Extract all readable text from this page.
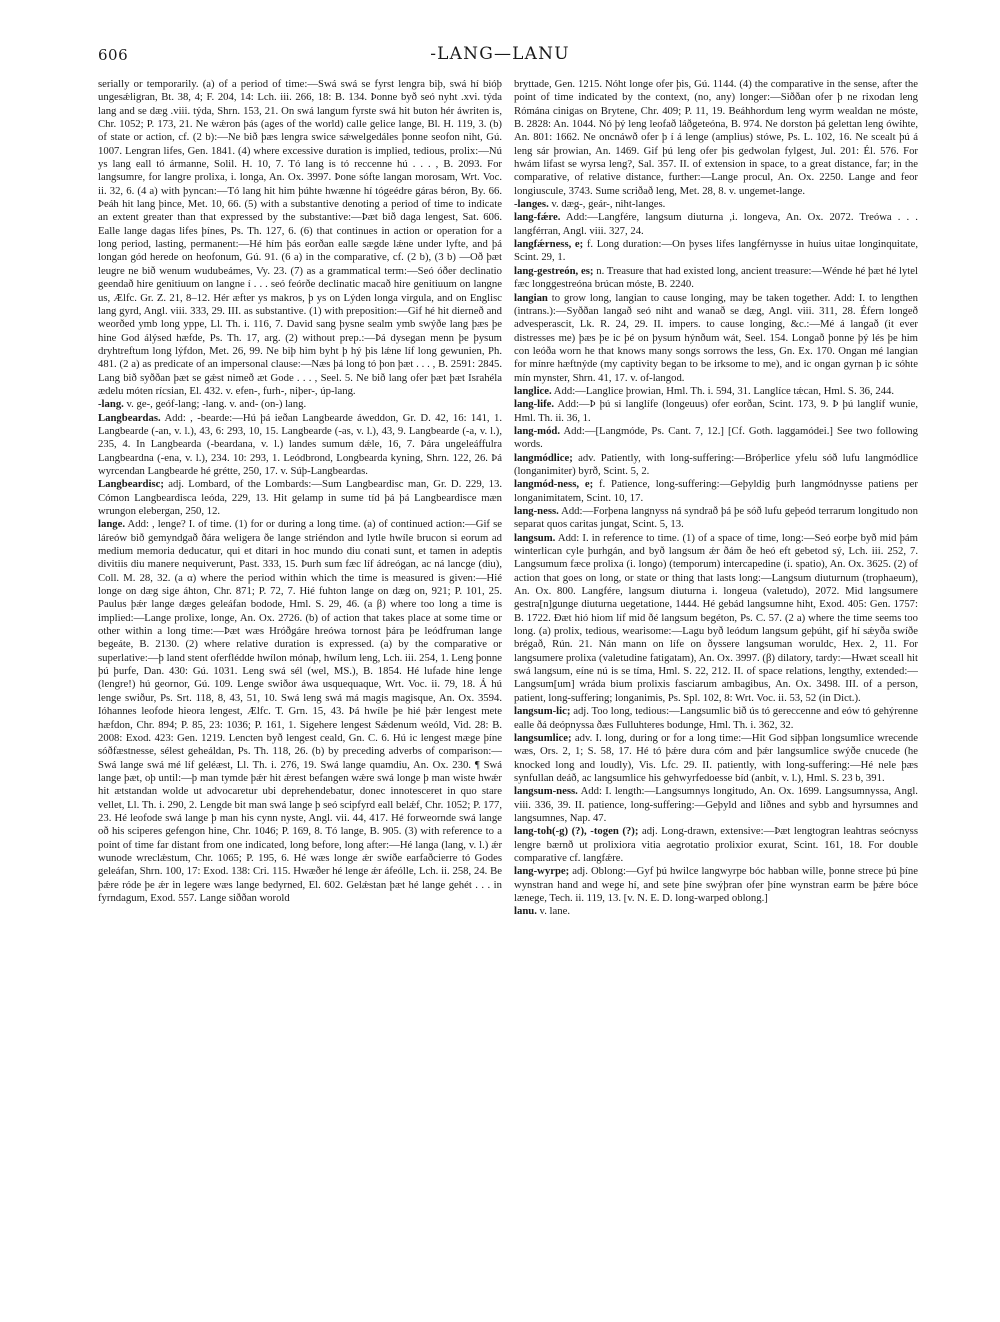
606	-LANG—LANU

serially or temporarily. (a) of a period of time:—Swá swá se fyrst lengra biþ, swá hí bióþ ungesǽligran, Bt. 38, 4; F. 204, 14: Lch. iii. 266, 18: B. 134. Þonne byð seó nyht .xvi. týda lang and se dæg .viii. týda, Shrn. 153, 21. On swá langum fyrste swá hit buton hér áwriten is, Chr. 1052; P. 173, 21. Ne wǽron þás (ages of the world) calle gelice lange, Bl. H. 119, 3. (b) of state or action, cf. (2 b):—Ne bið þæs lengra swice sǽwelgedáles þonne seofon niht, Gú. 1007. Lengran lifes, Gen. 1841. (4) where excessive duration is implied, tedious, prolix:—Nú ys lang eall tó ármanne, Solil. H. 10, 7. Tó lang is tó reccenne hú . . . , B. 2093. For langsumre, for langre prolixa, i. longa, An. Ox. 3997. Þone sófte langan morosam, Wrt. Voc. ii. 32, 6. (4 a) with þyncan:—Tó lang hit him þúhte hwænne hí tógeédre gáras béron, By. 66. Þeáh hit lang þince, Met. 10, 66. (5) with a substantive denoting a period of time to indicate an extent greater than that expressed by the substantive:—Þæt bið daga lengest, Sat. 606. Ealle lange dagas lifes þínes, Ps. Th. 127, 6. (6) that continues in action or operation for a long period, lasting, permanent:—Hé hím þás eorðan ealle sægde lǽne under lyfte, and þá longan gód herede on heofonum, Gú. 91. (6 a) in the comparative, cf. (2 b), (3 b) —Oð þæt leugre ne bið wenum wudubeámes, Vy. 23. (7) as a grammatical term:—Seó óðer declinatio geendað hire genitiuum on langne í . . . seó feórðe declinatic macað hire genitiuum on langne us, Ælfc. Gr. Z. 21, 8–12. Hér æfter ys makros, þ ys on Lýden longa virgula, and on Englisc lang gyrd, Angl. viii. 333, 29. III. as substantive. (1) with preposition:—Gif hé hit dierneð and weorðed ymb long yppe, Ll. Th. i. 116, 7. David sang þysne sealm ymb swýðe lang þæs þe hine God álýsed hæfde, Ps. Th. 17, arg. (2) without prep.:—Þá dysegan menn þe þysum dryhtreftum long lýfdon, Met. 26, 99. Ne biþ him byht þ hý þis lǽne líf long gewunien, Ph. 481. (2 a) as predicate of an impersonal clause:—Næs þá long tó þon þæt . . . , B. 2591: 2845. Lang bið syððan þæt se gǽst nimeð æt Gode . . . , Seel. 5. Ne bið lang ofer þæt þæt Israhéla ædelu móten rícsian, El. 432. v. efen-, furh-, niþer-, úp-lang.

-lang. v. ge-, geóf-lang; -lang. v. and- (on-) lang.

Langbeardas. Add: , -bearde:—Hú þá ieðan Langbearde áweddon, Gr. D. 42, 16: 141, 1. Langbearde (-an, v. l.), 43, 6: 293, 10, 15. Langbearde (-as, v. l.), 43, 9. Langbearde (-a, v. l.), 235, 4. In Langbearda (-beardana, v. l.) landes sumum dǽle, 16, 7. Þára ungeleáffulra Langbeardna (-ena, v. l.), 234. 10: 293, 1. Leódbrond, Longbearda kyning, Shrn. 122, 26. Þá wyrcendan Langbearde hé grétte, 250, 17. v. Súþ-Langbeardas.

Langbeardisc; adj. Lombard, of the Lombards:—Sum Langbeardisc man, Gr. D. 229, 13. Cómon Langbeardisca leóda, 229, 13. Hit gelamp in sume tíd þá þá Langbeardisce mæn wrungon elebergan, 250, 12.

lange. Add: , lenge? I. of time. (1) for or during a long time. (a) of continued action:—Gif se láreów bið gemyndgað ðára weligera ðe lange striéndon and lytle hwíle brucon si eorum ad medium memoria deducatur, qui et ditari in hoc mundo diu conati sunt, et tamen in adeptis divitiis diu manere nequiverunt, Past. 333, 15. Þurh sum fæc líf ádreógan, ac ná lancge (diu), Coll. M. 28, 32. (a α) where the period within which the time is measured is given:—Hié longe on dæg sige áhton, Chr. 871; P. 72, 7. Hié fuhton lange on dæg on, 921; P. 101, 25. Paulus þǽr lange dæges geleáfan bodode, Hml. S. 29, 46. (a β) where too long a time is implied:—Lange prolixe, longe, An. Ox. 2726. (b) of action that takes place at some time or other within a long time:—Þæt wæs Hróðgáre hreówa tornost þára þe leódfruman lange begeáte, B. 2130. (2) where relative duration is expressed. (a) by the comparative or superlative:—þ land stent oferflédde hwílon mónaþ, hwílum leng, Lch. iii. 254, 1. Leng þonne þú þurfe, Dan. 430: Gú. 1031. Leng swá sél (wel, MS.), B. 1854. Hé lufade hine lenge (lengre!) hú geornor, Gú. 109. Lenge swiðor áwa usquequaque, Wrt. Voc. ii. 79, 18. Á hú lenge swiður, Ps. Srt. 118, 8, 43, 51, 10. Swá leng swá má magis magisque, An. Ox. 3594. Ióhannes leofode hieora lengest, Ælfc. T. Grn. 15, 43. Þá hwíle þe hié þǽr lengest mete hæfdon, Chr. 894; P. 85, 23: 1036; P. 161, 1. Sigehere lengest Sǽdenum weóld, Vid. 28: B. 2008: Exod. 423: Gen. 1219. Lencten byð lengest ceald, Gn. C. 6. Hú ic lengest mæge þíne sóðfæstnesse, sélest geheáldan, Ps. Th. 118, 26. (b) by preceding adverbs of comparison:—Swá lange swá mé líf geléæst, Ll. Th. i. 276, 19. Swá lange quamdiu, An. Ox. 230. ¶ Swá lange þæt, oþ until:—þ man tymde þǽr hit ǽrest befangen wǽre swá longe þ man wiste hwǽr hit ætstandan wolde ut advocaretur ubi deprehendebatur, donec innotesceret in quo stare vellet, Ll. Th. i. 290, 2. Lengde bit man swá lange þ seó scipfyrd eall belǽf, Chr. 1052; P. 177, 23. Hé leofode swá lange þ man his cynn nyste, Angl. vii. 44, 417. Hé forweornde swá lange oð his sciperes gefengon hine, Chr. 1046; P. 169, 8. Tó lange, B. 905. (3) with reference to a point of time far distant from one indicated, long before, long after:—Hé langa (lang, v. l.) ǽr wunode wreclǽstum, Chr. 1065; P. 195, 6. Hé wæs longe ǽr swíðe earfaðcierre tó Godes geleáfan, Shrn. 100, 17: Exod. 138: Cri. 115. Hwæðer hé lenge ǽr áfeólle, Lch. ii. 258, 24. Be þǽre róde þe ǽr in legere wæs lange bedyrned, El. 602. Gelǽstan þæt hé lange gehét . . . in fyrndagum, Exod. 557. Lange siððan worold

bryttade, Gen. 1215. Nóht longe ofer þis, Gú. 1144. (4) the comparative in the sense, after the point of time indicated by the context, (no, any) longer:—Siððan ofer þ ne rixodan leng Rómána cinigas on Brytene, Chr. 409; P. 11, 19. Beáhhordum leng wyrm wealdan ne móste, B. 2828: An. 1044. Nó þý leng leofað láðgeteóna, B. 974. Ne dorston þá gelettan leng ówihte, An. 801: 1662. Ne oncnáwð ofer þ í á lenge (amplius) stówe, Ps. L. 102, 16. Ne scealt þú á leng sár þrowian, An. 1469. Gif þú leng ofer þis gedwolan fylgest, Jul. 201: Él. 576. For hwám lifast se wyrsa leng?, Sal. 357. II. of extension in space, to a great distance, far; in the comparative, of relative distance, further:—Lange procul, An. Ox. 2250. Lange and feor longiuscule, 3743. Sume scriðað leng, Met. 28, 8. v. ungemet-lange.

-langes. v. dæg-, geár-, niht-langes.

lang-fǽre. Add:—Langfére, langsum diuturna ,i. longeva, An. Ox. 2072. Treówa . . . langférran, Angl. viii. 327, 24.

langfǽrness, e; f. Long duration:—On þyses lifes langférnysse in huius uitae longinquitate, Scint. 29, 1.

lang-gestreón, es; n. Treasure that had existed long, ancient treasure:—Wénde hé þæt hé lytel fæc longgestreóna brúcan móste, B. 2240.

langian to grow long, langian to cause longing, may be taken together. Add: I. to lengthen (intrans.):—Syððan langað seó niht and wanað se dæg, Angl. viii. 311, 28. Éfern longeð advesperascit, Lk. R. 24, 29. II. impers. to cause longing, &c.:—Mé á langað (it ever distresses me) þæs þe ic þé on þysum hýnðum wát, Seel. 154. Longað þonne þý lés þe him con leóða worn he that knows many songs sorrows the less, Gn. Ex. 170. Ongan mé langian for mínre hæftnýde (my captivity began to be irksome to me), and ic ongan gyrnan þ ic sóhte mín mynster, Shrn. 41, 17. v. of-langod.

langlice. Add:—Langlice þrowian, Hml. Th. i. 594, 31. Langlíce tǽcan, Hml. S. 36, 244.

lang-life. Add:—Þ þú si langlífe (longeuus) ofer eorðan, Scint. 173, 9. Þ þú langlíf wunie, Hml. Th. ii. 36, 1.

lang-mód. Add:—[Langmóde, Ps. Cant. 7, 12.] [Cf. Goth. laggamódei.] See two following words.

langmódlice; adv. Patiently, with long-suffering:—Bróþerlice yfelu sóð lufu langmódlice (longanimiter) byrð, Scint. 5, 2.

langmód-ness, e; f. Patience, long-suffering:—Geþyldig þurh langmódnysse patiens per longanimitatem, Scint. 10, 17.

lang-ness. Add:—Forþena langnyss ná syndrað þá þe sóð lufu geþeód terrarum longitudo non separat quos caritas jungat, Scint. 5, 13.

langsum. Add: I. in reference to time. (1) of a space of time, long:—Seó eorþe byð mid þám winterlican cyle þurhgán, and byð langsum ǽr ðám ðe heó eft gebetod sý, Lch. iii. 252, 7. Langsumum fæce prolixa (i. longo) (temporum) intercapedine (i. spatio), An. Ox. 3625. (2) of action that goes on long, or state or thing that lasts long:—Langsum diuturnum (trophaeum), An. Ox. 800. Langfére, langsum diuturna i. longeua (valetudo), 2072. Mid langsumere gestra[n]gunge diuturna uegetatione, 1444. Hé gebád langsumne hiht, Exod. 405: Gen. 1757: B. 1722. Ðæt hió hiom líf mid ðé langsum begéton, Ps. C. 57. (2 a) where the time seems too long. (a) prolix, tedious, wearisome:—Lagu byð leódum langsum geþúht, gif hí sǽyða swíðe brégað, Rún. 21. Nán mann on lífe on ðyssere langsuman woruldc, Hex. 2, 11. For langsumere prolixa (valetudine fatigatam), An. Ox. 3997. (β) dilatory, tardy:—Hwæt sceall hit swá langsum, eíne nú is se tíma, Hml. S. 22, 212. II. of space relations, lengthy, extended:—Langsum[um] wráda bium prolixis fasciarum ambagibus, An. Ox. 3498. III. of a person, patient, long-suffering; longanimis, Ps. Spl. 102, 8: Wrt. Voc. ii. 53, 52 (in Dict.).

langsum-lic; adj. Too long, tedious:—Langsumlic bið ús tó gereccenne and eów tó gehýrenne ealle ðá deópnyssa ðæs Fulluhteres bodunge, Hml. Th. i. 362, 32.

langsumlice; adv. I. long, during or for a long time:—Hit God siþþan longsumlice wrecende wæs, Ors. 2, 1; S. 58, 17. Hé tó þǽre dura cóm and þǽr langsumlice swýðe cnucede (he knocked long and loudly), Vis. Lfc. 29. II. patiently, with long-suffering:—Hé nele þæs synfullan deáð, ac langsumlice his gehwyrfedoesse bíd (anbít, v. l.), Hml. S. 23 b, 391.

langsum-ness. Add: I. length:—Langsumnys longitudo, An. Ox. 1699. Langsumnyssa, Angl. viii. 336, 39. II. patience, long-suffering:—Geþyld and líðnes and sybb and hyrsumnes and langsumnes, Nap. 47.

lang-toh(-g) (?), -togen (?); adj. Long-drawn, extensive:—Þæt lengtogran leahtras seócnyss lengre bærnð ut prolixiora vitia aegrotatio prolixior exurat, Scint. 161, 18. For double comparative cf. langfǽre.

lang-wyrpe; adj. Oblong:—Gyf þú hwilce langwyrpe bóc habban wille, þonne strece þú þíne wynstran hand and wege hí, and sete þíne swýþran ofer þíne wynstran earm be þǽre bóce lænege, Tech. ii. 119, 13. [v. N. E. D. long-warped oblong.]

lanu. v. lane.
